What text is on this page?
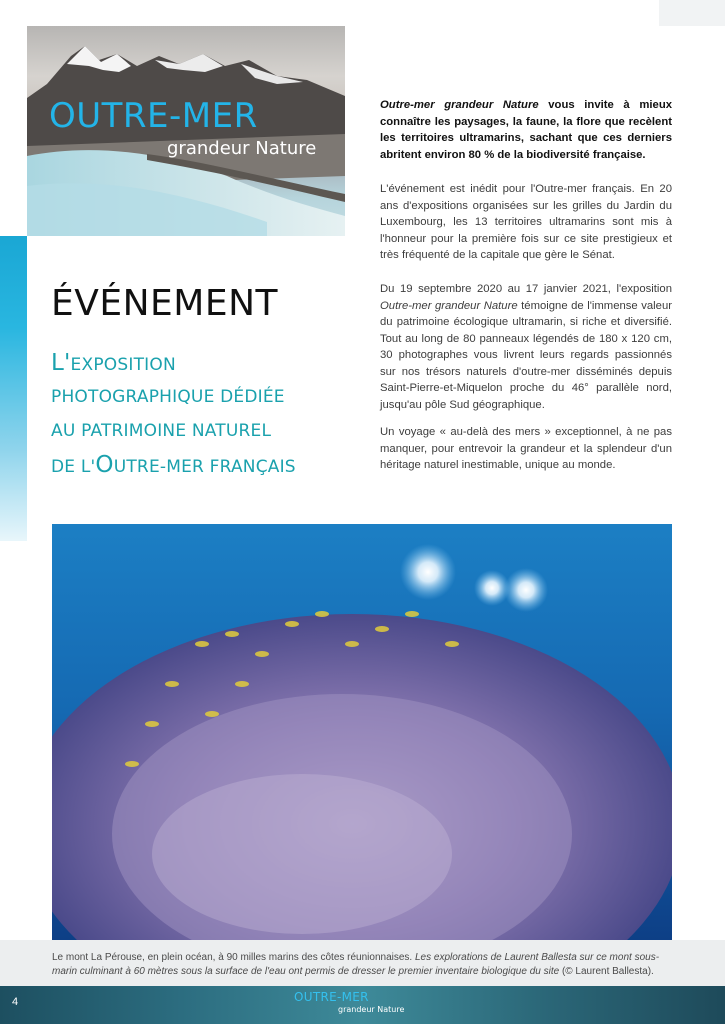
OUTRE-MER
grandeur Nature
ÉVÉNEMENT
L'EXPOSITION
PHOTOGRAPHIQUE DÉDIÉE
AU PATRIMOINE NATUREL
DE L'OUTRE-MER FRANÇAIS

Outre-mer grandeur Nature vous invite à mieux connaître les paysages, la faune, la flore que recèlent les territoires ultramarins, sachant que ces derniers abritent environ 80 % de la biodiversité française.

L'événement est inédit pour l'Outre-mer français. En 20 ans d'expositions organisées sur les grilles du Jardin du Luxembourg, les 13 territoires ultramarins sont mis à l'honneur pour la première fois sur ce site prestigieux et très fréquenté de la capitale que gère le Sénat.

Du 19 septembre 2020 au 17 janvier 2021, l'exposition Outre-mer grandeur Nature témoigne de l'immense valeur du patrimoine écologique ultramarin, si riche et diversifié. Tout au long de 80 panneaux légendés de 180 x 120 cm, 30 photographes vous livrent leurs regards passionnés sur nos trésors naturels d'outre-mer disséminés depuis Saint-Pierre-et-Miquelon proche du 46° parallèle nord, jusqu'au pôle Sud géographique.

Un voyage « au-delà des mers » exceptionnel, à ne pas manquer, pour entrevoir la grandeur et la splendeur d'un héritage naturel inestimable, unique au monde.

Le mont La Pérouse, en plein océan, à 90 milles marins des côtes réunionnaises. Les explorations de Laurent Ballesta sur ce mont sous-marin culminant à 60 mètres sous la surface de l'eau ont permis de dresser le premier inventaire biologique du site (© Laurent Ballesta).

4	OUTRE-MER
grandeur Nature
